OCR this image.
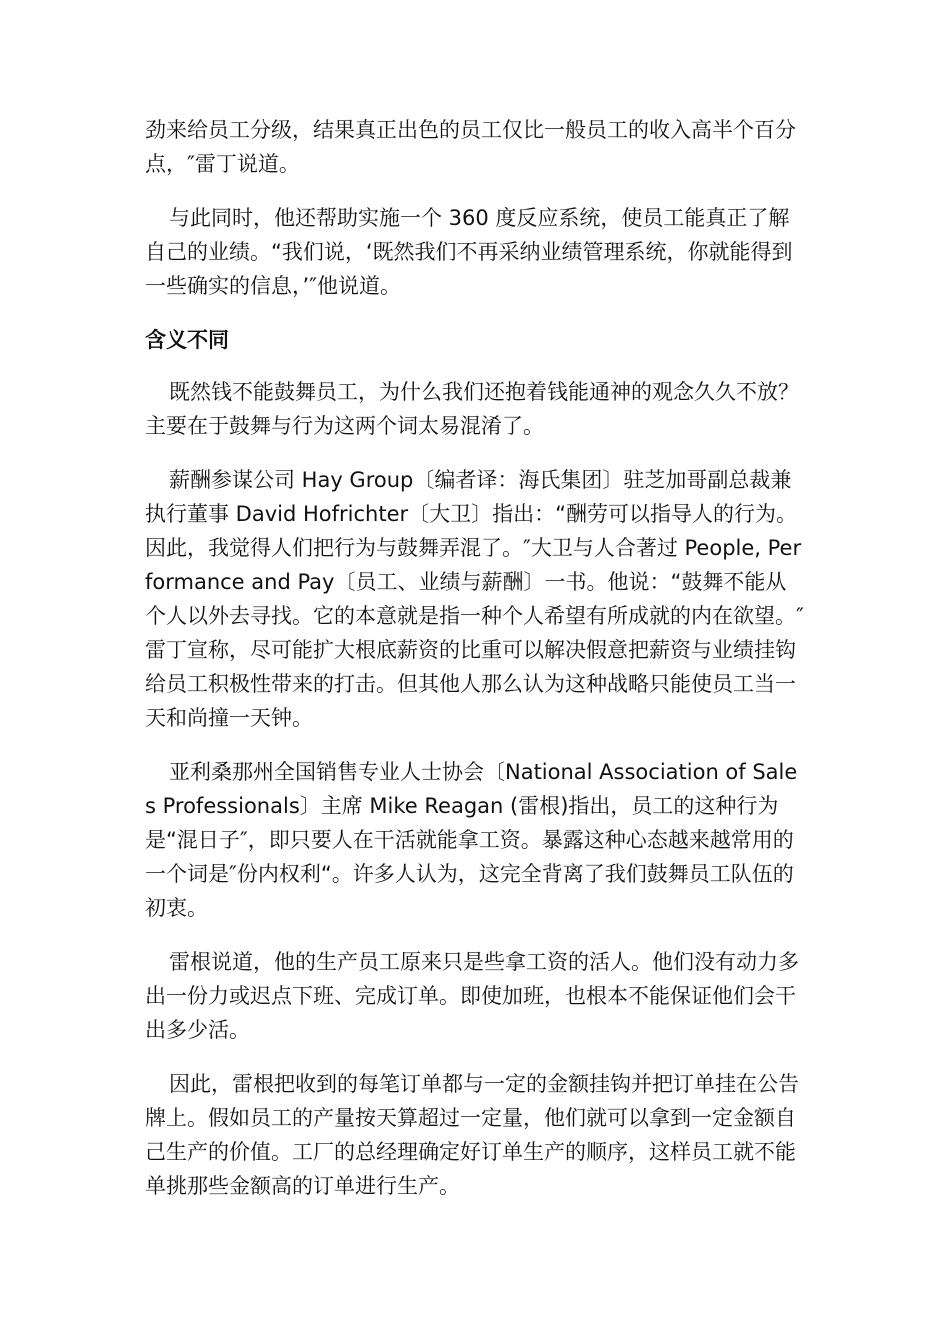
劲来给员工分级，结果真正出色的员工仅比一般员工的收入高半个百分点，″雷丁说道。

与此同时，他还帮助实施一个 360 度反应系统，使员工能真正了解自己的业绩。“我们说，‘既然我们不再采纳业绩管理系统，你就能得到一些确实的信息，’″他说道。

含义不同

既然钱不能鼓舞员工，为什么我们还抱着钱能通神的观念久久不放？主要在于鼓舞与行为这两个词太易混淆了。

薪酬参谋公司 Hay Group〔编者译：海氏集团〕驻芝加哥副总裁兼执行董事 David Hofrichter〔大卫〕指出：“酬劳可以指导人的行为。因此，我觉得人们把行为与鼓舞弄混了。″大卫与人合著过 People, Performance and Pay〔员工、业绩与薪酬〕一书。他说：“鼓舞不能从个人以外去寻找。它的本意就是指一种个人希望有所成就的内在欲望。″雷丁宣称，尽可能扩大根底薪资的比重可以解决假意把薪资与业绩挂钩给员工积极性带来的打击。但其他人那么认为这种战略只能使员工当一天和尚撞一天钟。

亚利桑那州全国销售专业人士协会〔National Association of Sales Professionals〕主席 Mike Reagan (雷根)指出，员工的这种行为是“混日子″，即只要人在干活就能拿工资。暴露这种心态越来越常用的一个词是″份内权利“。许多人认为，这完全背离了我们鼓舞员工队伍的初衷。

雷根说道，他的生产员工原来只是些拿工资的活人。他们没有动力多出一份力或迟点下班、完成订单。即使加班，也根本不能保证他们会干出多少活。

因此，雷根把收到的每笔订单都与一定的金额挂钩并把订单挂在公告牌上。假如员工的产量按天算超过一定量，他们就可以拿到一定金额自己生产的价值。工厂的总经理确定好订单生产的顺序，这样员工就不能单挑那些金额高的订单进行生产。
